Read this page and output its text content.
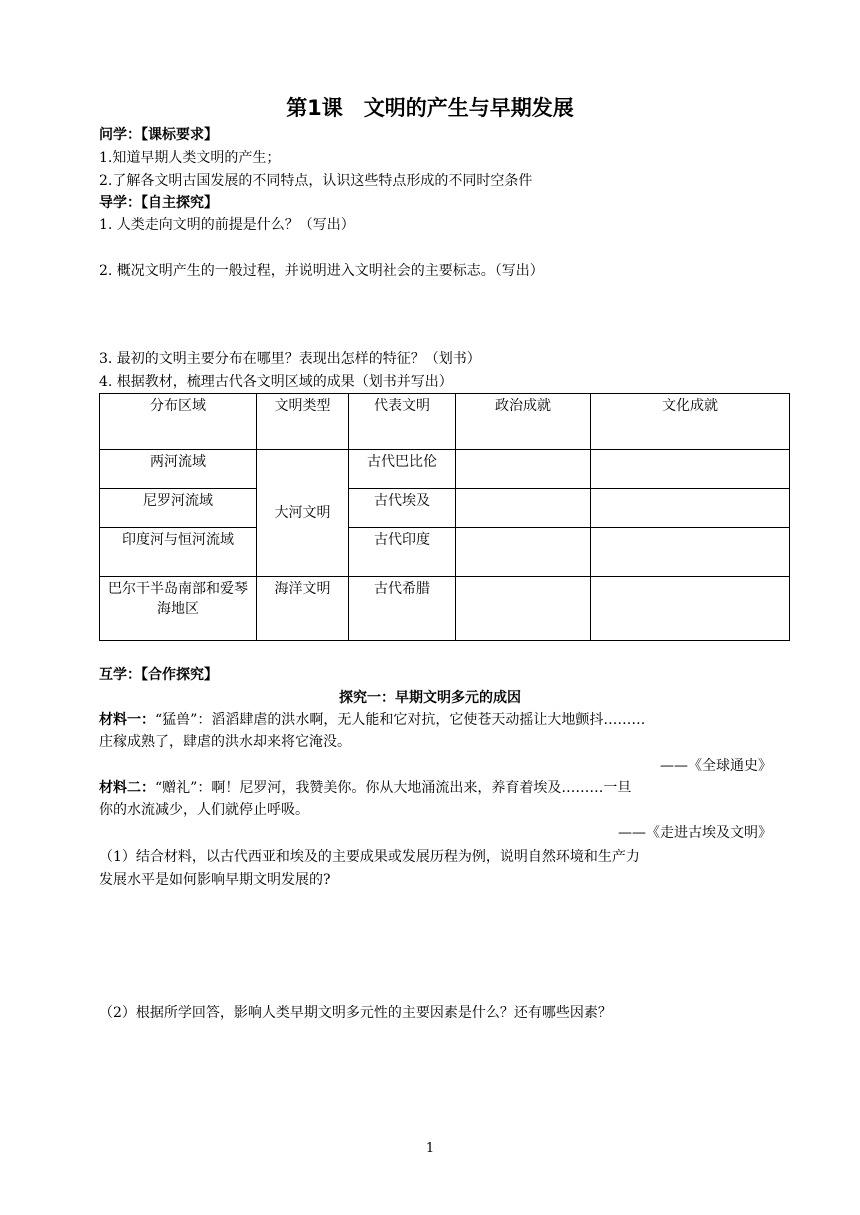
第1课　文明的产生与早期发展
问学：【课标要求】
1.知道早期人类文明的产生；
2.了解各文明古国发展的不同特点，认识这些特点形成的不同时空条件
导学：【自主探究】
1. 人类走向文明的前提是什么？（写出）
2. 概况文明产生的一般过程，并说明进入文明社会的主要标志。（写出）
3. 最初的文明主要分布在哪里？表现出怎样的特征？（划书）
4. 根据教材，梳理古代各文明区域的成果（划书并写出）
分布区域	文明类型	代表文明	政治成就	文化成就
两河流域	大河文明	古代巴比伦		
尼罗河流域		古代埃及		
印度河与恒河流域		古代印度		
巴尔干半岛南部和爱琴海地区	海洋文明	古代希腊		
互学：【合作探究】
探究一：早期文明多元的成因
材料一：“猛兽”：滔滔肆虐的洪水啊，无人能和它对抗，它使苍天动摇让大地颤抖………
庄稼成熟了，肆虐的洪水却来将它淹没。
——《全球通史》
材料二：“赠礼”：啊！尼罗河，我赞美你。你从大地涌流出来，养育着埃及………一旦
你的水流减少，人们就停止呼吸。
——《走进古埃及文明》
（1）结合材料，以古代西亚和埃及的主要成果或发展历程为例，说明自然环境和生产力
发展水平是如何影响早期文明发展的?
（2）根据所学回答，影响人类早期文明多元性的主要因素是什么？还有哪些因素？
1
